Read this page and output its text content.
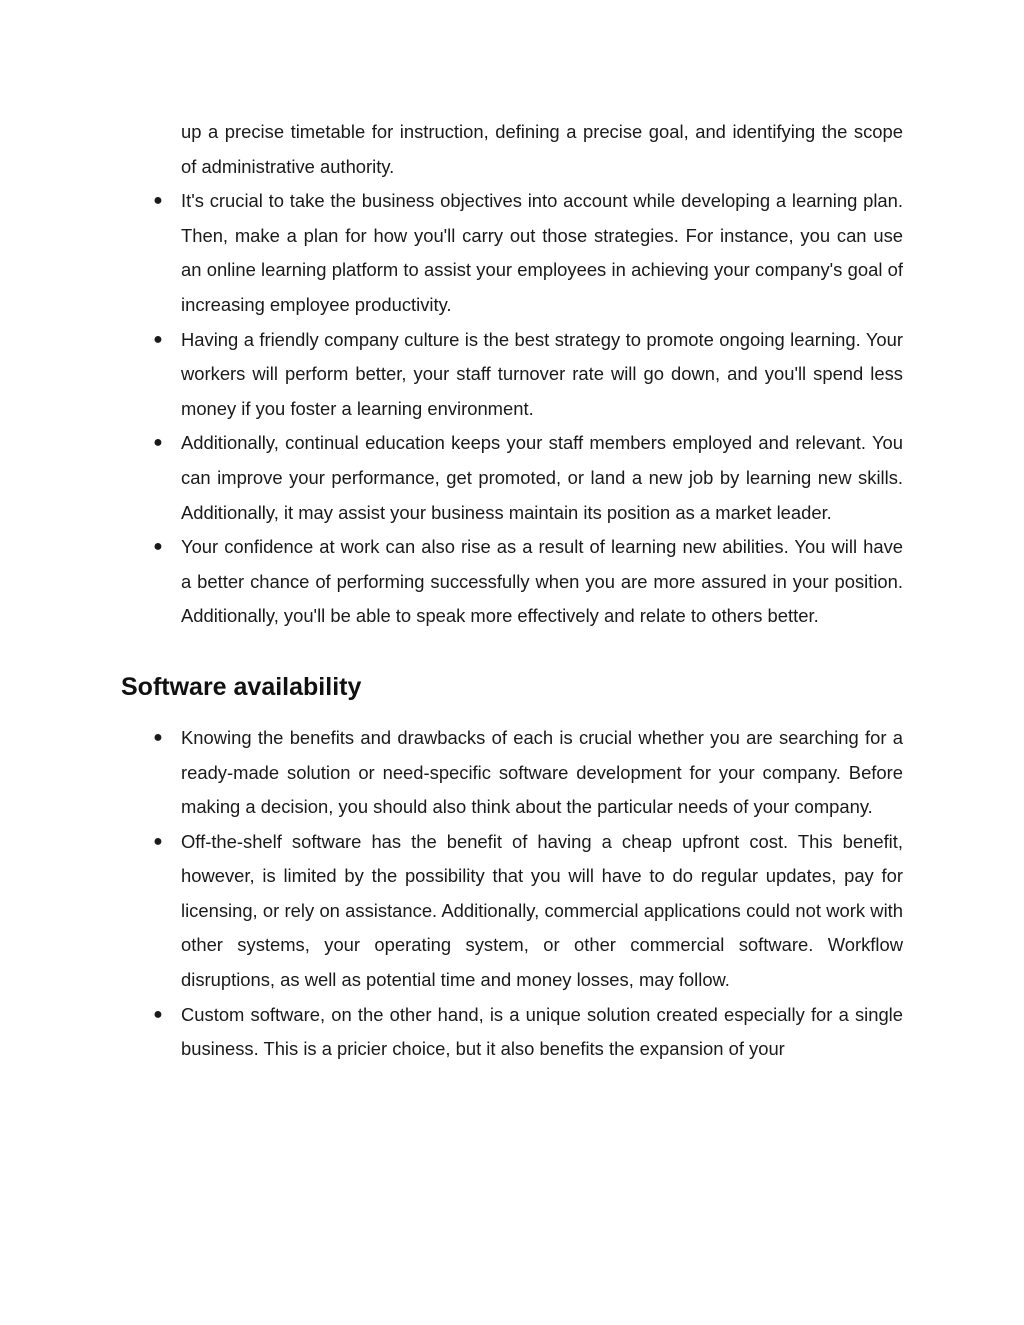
up a precise timetable for instruction, defining a precise goal, and identifying the scope of administrative authority.

● It's crucial to take the business objectives into account while developing a learning plan. Then, make a plan for how you'll carry out those strategies. For instance, you can use an online learning platform to assist your employees in achieving your company's goal of increasing employee productivity.
● Having a friendly company culture is the best strategy to promote ongoing learning. Your workers will perform better, your staff turnover rate will go down, and you'll spend less money if you foster a learning environment.
● Additionally, continual education keeps your staff members employed and relevant. You can improve your performance, get promoted, or land a new job by learning new skills. Additionally, it may assist your business maintain its position as a market leader.
● Your confidence at work can also rise as a result of learning new abilities. You will have a better chance of performing successfully when you are more assured in your position. Additionally, you'll be able to speak more effectively and relate to others better.
Software availability
● Knowing the benefits and drawbacks of each is crucial whether you are searching for a ready-made solution or need-specific software development for your company. Before making a decision, you should also think about the particular needs of your company.
● Off-the-shelf software has the benefit of having a cheap upfront cost. This benefit, however, is limited by the possibility that you will have to do regular updates, pay for licensing, or rely on assistance. Additionally, commercial applications could not work with other systems, your operating system, or other commercial software. Workflow disruptions, as well as potential time and money losses, may follow.
● Custom software, on the other hand, is a unique solution created especially for a single business. This is a pricier choice, but it also benefits the expansion of your
